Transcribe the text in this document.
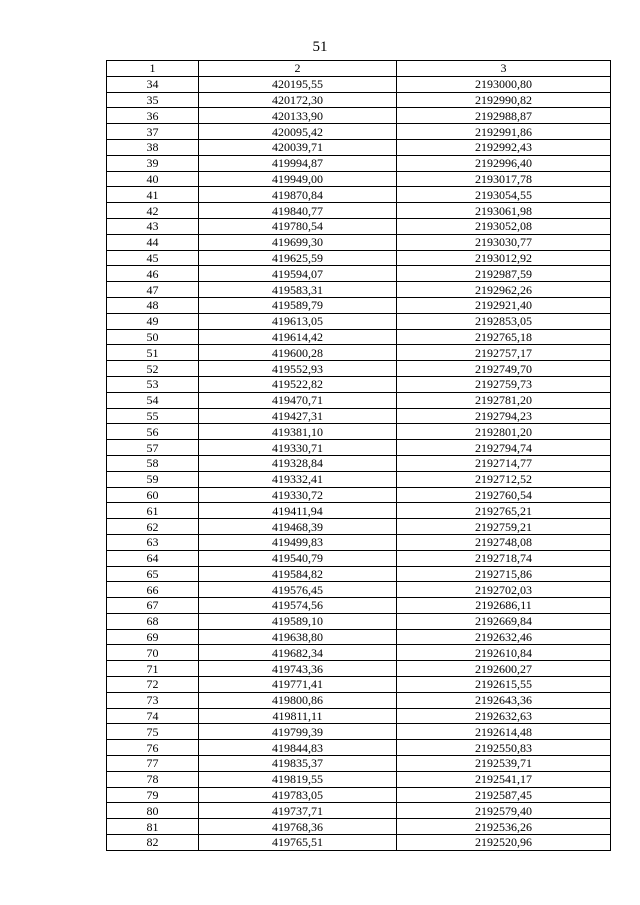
51
1	2	3
34	420195,55	2193000,80
35	420172,30	2192990,82
36	420133,90	2192988,87
37	420095,42	2192991,86
38	420039,71	2192992,43
39	419994,87	2192996,40
40	419949,00	2193017,78
41	419870,84	2193054,55
42	419840,77	2193061,98
43	419780,54	2193052,08
44	419699,30	2193030,77
45	419625,59	2193012,92
46	419594,07	2192987,59
47	419583,31	2192962,26
48	419589,79	2192921,40
49	419613,05	2192853,05
50	419614,42	2192765,18
51	419600,28	2192757,17
52	419552,93	2192749,70
53	419522,82	2192759,73
54	419470,71	2192781,20
55	419427,31	2192794,23
56	419381,10	2192801,20
57	419330,71	2192794,74
58	419328,84	2192714,77
59	419332,41	2192712,52
60	419330,72	2192760,54
61	419411,94	2192765,21
62	419468,39	2192759,21
63	419499,83	2192748,08
64	419540,79	2192718,74
65	419584,82	2192715,86
66	419576,45	2192702,03
67	419574,56	2192686,11
68	419589,10	2192669,84
69	419638,80	2192632,46
70	419682,34	2192610,84
71	419743,36	2192600,27
72	419771,41	2192615,55
73	419800,86	2192643,36
74	419811,11	2192632,63
75	419799,39	2192614,48
76	419844,83	2192550,83
77	419835,37	2192539,71
78	419819,55	2192541,17
79	419783,05	2192587,45
80	419737,71	2192579,40
81	419768,36	2192536,26
82	419765,51	2192520,96
